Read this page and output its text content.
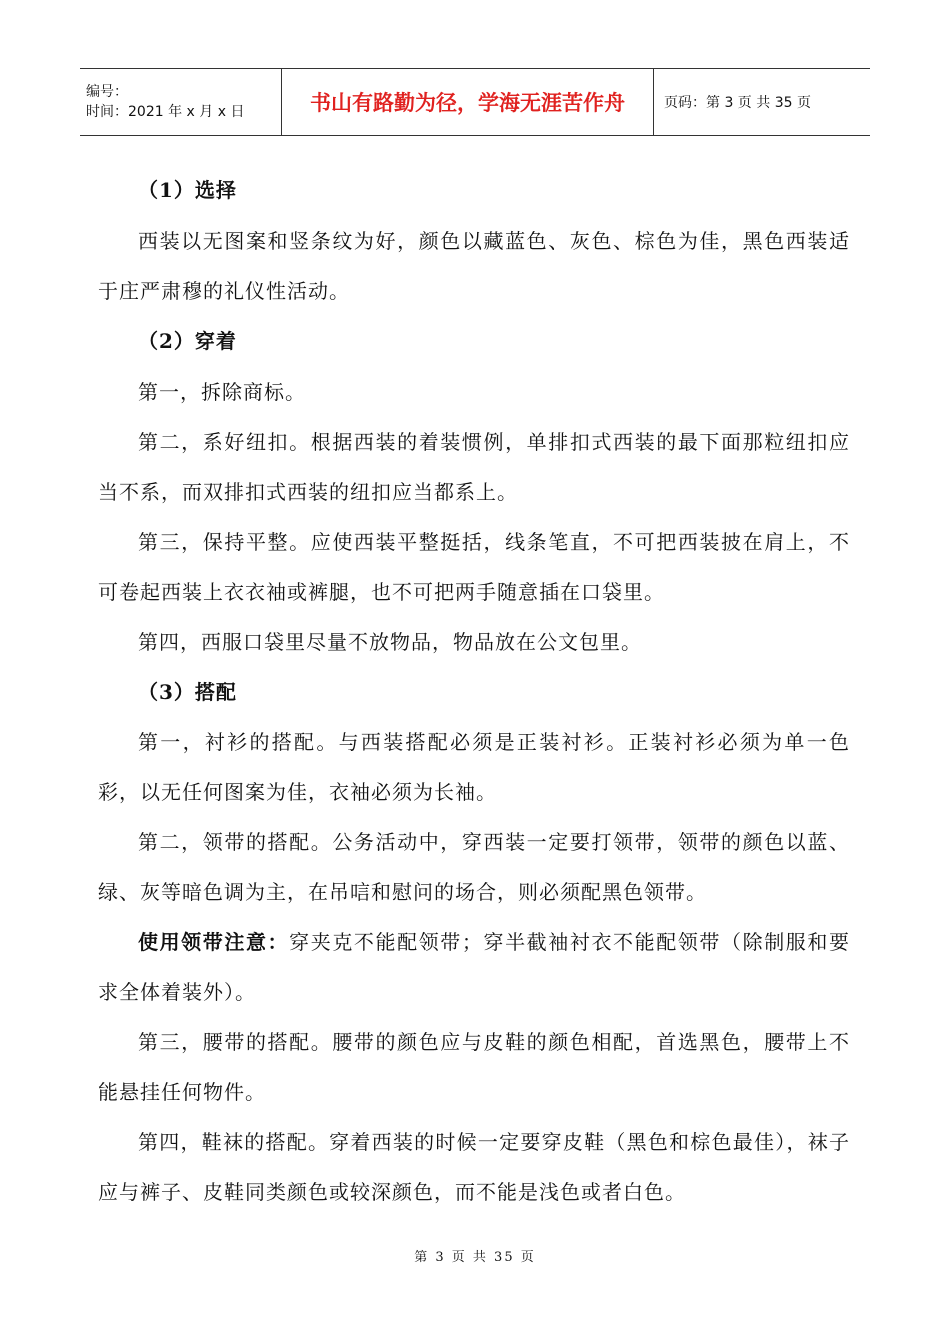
编号：
时间：2021 年 x 月 x 日	书山有路勤为径，学海无涯苦作舟	页码：第 3 页 共 35 页

（1）选择

西装以无图案和竖条纹为好，颜色以藏蓝色、灰色、棕色为佳，黑色西装适于庄严肃穆的礼仪性活动。

（2）穿着

第一，拆除商标。

第二，系好纽扣。根据西装的着装惯例，单排扣式西装的最下面那粒纽扣应当不系，而双排扣式西装的纽扣应当都系上。

第三，保持平整。应使西装平整挺括，线条笔直，不可把西装披在肩上，不可卷起西装上衣衣袖或裤腿，也不可把两手随意插在口袋里。

第四，西服口袋里尽量不放物品，物品放在公文包里。

（3）搭配

第一，衬衫的搭配。与西装搭配必须是正装衬衫。正装衬衫必须为单一色彩，以无任何图案为佳，衣袖必须为长袖。

第二，领带的搭配。公务活动中，穿西装一定要打领带，领带的颜色以蓝、绿、灰等暗色调为主，在吊唁和慰问的场合，则必须配黑色领带。

使用领带注意：穿夹克不能配领带；穿半截袖衬衣不能配领带（除制服和要求全体着装外）。

第三，腰带的搭配。腰带的颜色应与皮鞋的颜色相配，首选黑色，腰带上不能悬挂任何物件。

第四，鞋袜的搭配。穿着西装的时候一定要穿皮鞋（黑色和棕色最佳），袜子应与裤子、皮鞋同类颜色或较深颜色，而不能是浅色或者白色。

第 3 页 共 35 页
